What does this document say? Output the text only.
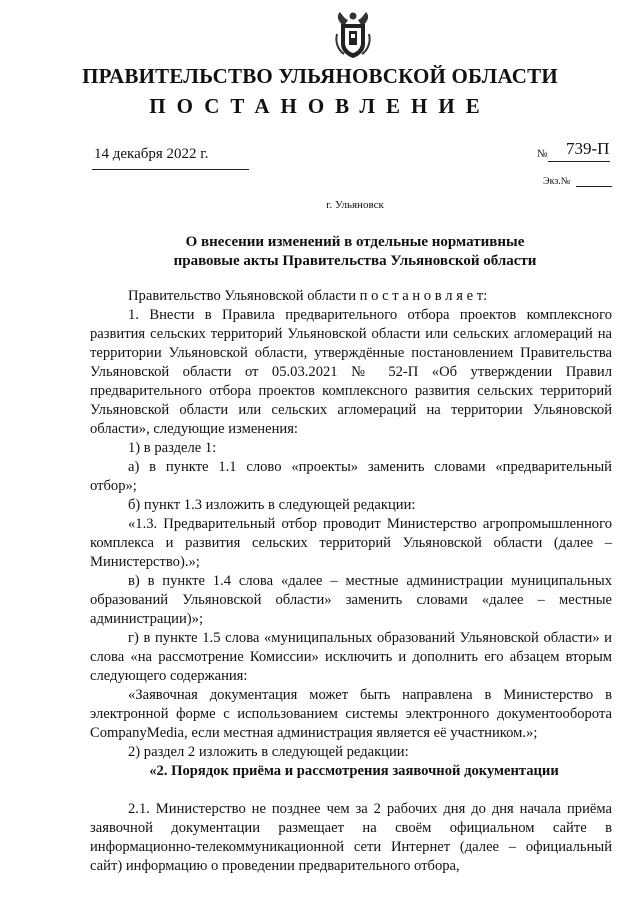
ПРАВИТЕЛЬСТВО УЛЬЯНОВСКОЙ ОБЛАСТИ
ПОСТАНОВЛЕНИЕ
14 декабря 2022 г.	№ 739-П
Экз.№
г. Ульяновск
О внесении изменений в отдельные нормативные
правовые акты Правительства Ульяновской области

Правительство Ульяновской области п о с т а н о в л я е т:

1. Внести в Правила предварительного отбора проектов комплексного развития сельских территорий Ульяновской области или сельских агломераций на территории Ульяновской области, утверждённые постановлением Правительства Ульяновской области от 05.03.2021 № 52-П «Об утверждении Правил предварительного отбора проектов комплексного развития сельских территорий Ульяновской области или сельских агломераций на территории Ульяновской области», следующие изменения:

1) в разделе 1:

а) в пункте 1.1 слово «проекты» заменить словами «предварительный отбор»;

б) пункт 1.3 изложить в следующей редакции:

«1.3. Предварительный отбор проводит Министерство агропромышленного комплекса и развития сельских территорий Ульяновской области (далее – Министерство).»;

в) в пункте 1.4 слова «далее – местные администрации муниципальных образований Ульяновской области» заменить словами «далее – местные администрации)»;

г) в пункте 1.5 слова «муниципальных образований Ульяновской области» и слова «на рассмотрение Комиссии» исключить и дополнить его абзацем вторым следующего содержания:

«Заявочная документация может быть направлена в Министерство в электронной форме с использованием системы электронного документооборота CompanyMedia, если местная администрация является её участником.»;

2) раздел 2 изложить в следующей редакции:

«2. Порядок приёма и рассмотрения заявочной документации

2.1. Министерство не позднее чем за 2 рабочих дня до дня начала приёма заявочной документации размещает на своём официальном сайте в информационно-телекоммуникационной сети Интернет (далее – официальный сайт) информацию о проведении предварительного отбора,
